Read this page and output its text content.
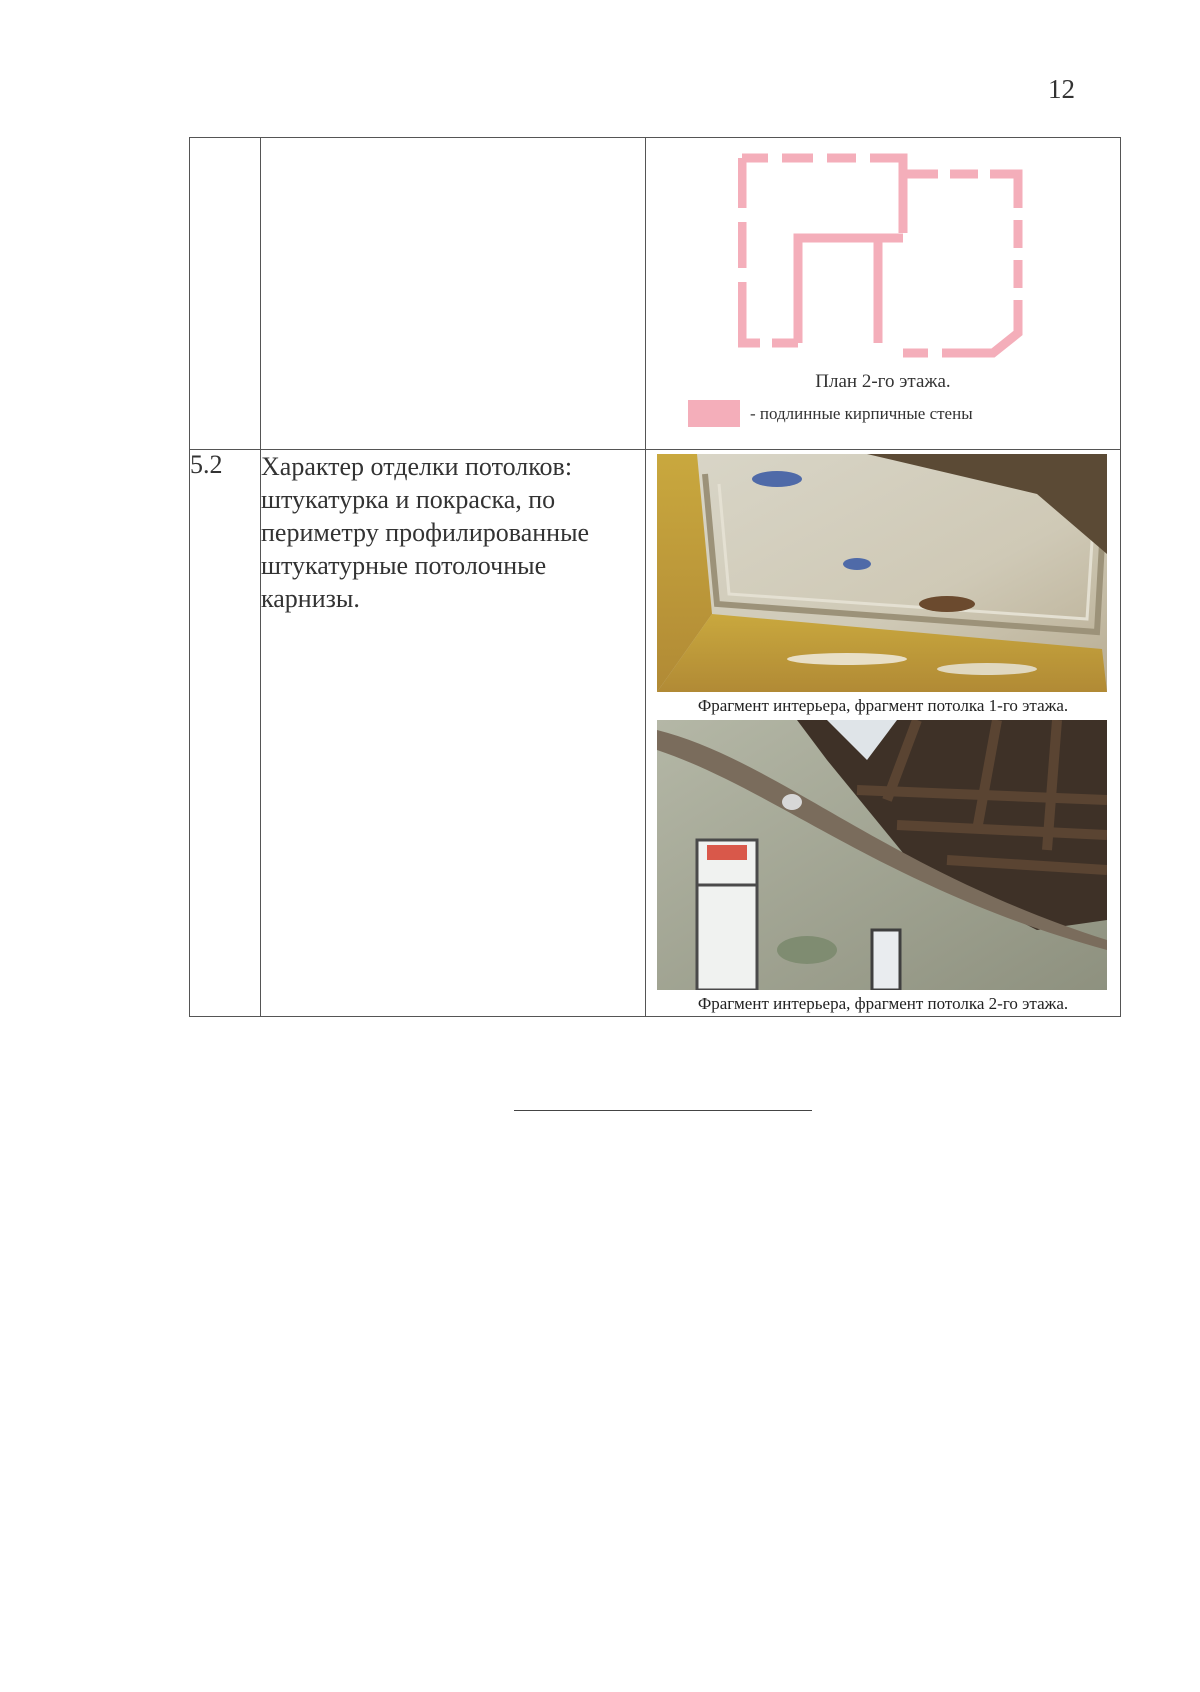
12

		План 2-го этажа.
- подлинные кирпичные стены

5.2	Характер отделки потолков: штукатурка и покраска, по периметру профилированные штукатурные потолочные карнизы.	Фрагмент интерьера, фрагмент потолка 1-го этажа.
Фрагмент интерьера, фрагмент потолка 2-го этажа.
